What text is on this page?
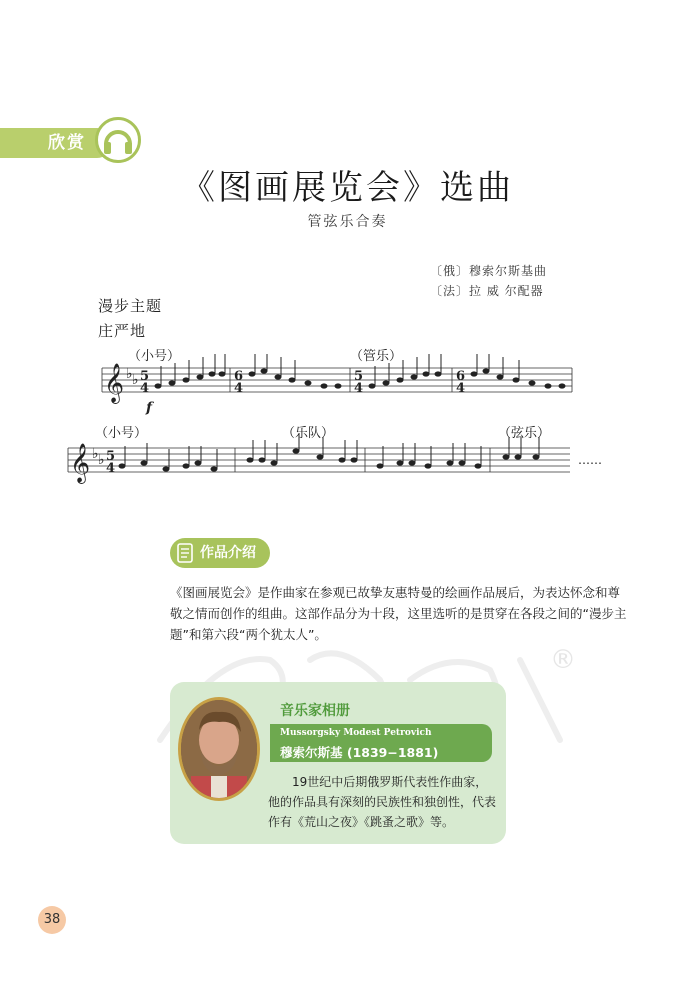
欣赏
《图画展览会》选曲
管弦乐合奏
〔俄〕穆索尔斯基曲
〔法〕拉 威 尔配器
漫步主题
庄严地
（小号）	（管乐）
（小号）	（乐队）	（弦乐）
𝄞
𝄞
♭ ♭
♭ ♭
5
4
6
4
5
4
6
4
5
4
f
……
作品介绍
《图画展览会》是作曲家在参观已故挚友惠特曼的绘画作品展后，为表达怀念和尊敬之情而创作的组曲。这部作品分为十段，这里选听的是贯穿在各段之间的“漫步主题”和第六段“两个犹太人”。
®
音乐家相册
Mussorgsky Modest Petrovich
穆索尔斯基 (1839−1881)
19世纪中后期俄罗斯代表性作曲家，他的作品具有深刻的民族性和独创性，代表作有《荒山之夜》《跳蚤之歌》等。
38
